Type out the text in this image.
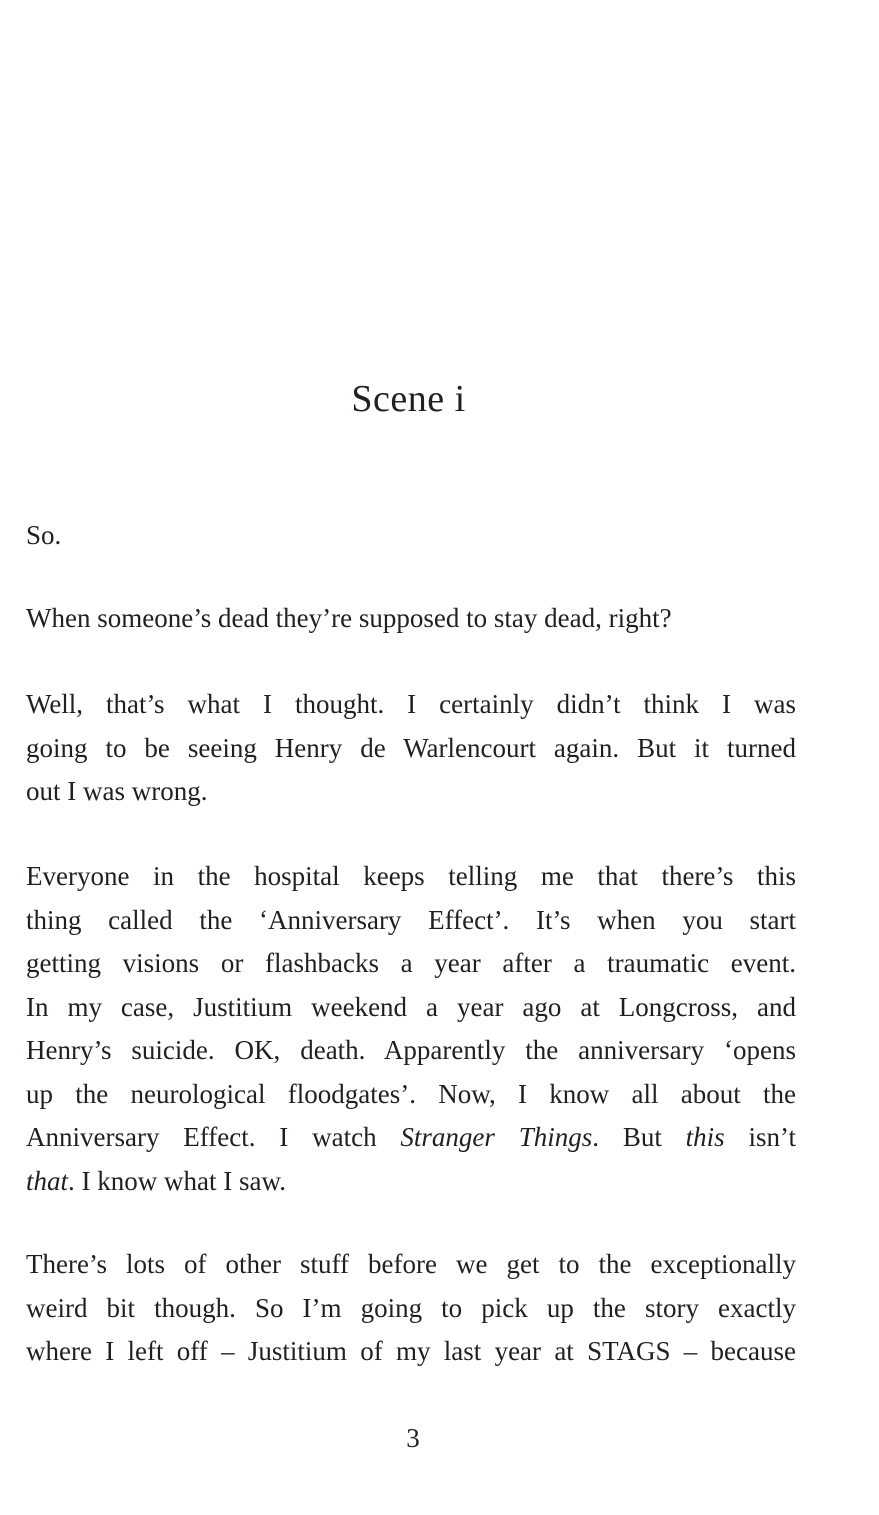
Scene i

So.

When someone’s dead they’re supposed to stay dead, right?

Well, that’s what I thought. I certainly didn’t think I was
going to be seeing Henry de Warlencourt again. But it turned
out I was wrong.

Everyone in the hospital keeps telling me that there’s this
thing called the ‘Anniversary Effect’. It’s when you start
getting visions or flashbacks a year after a traumatic event.
In my case, Justitium weekend a year ago at Longcross, and
Henry’s suicide. OK, death. Apparently the anniversary ‘opens
up the neurological floodgates’. Now, I know all about the
Anniversary Effect. I watch Stranger Things. But this isn’t
that. I know what I saw.

There’s lots of other stuff before we get to the exceptionally
weird bit though. So I’m going to pick up the story exactly
where I left off – Justitium of my last year at STAGS – because

3
